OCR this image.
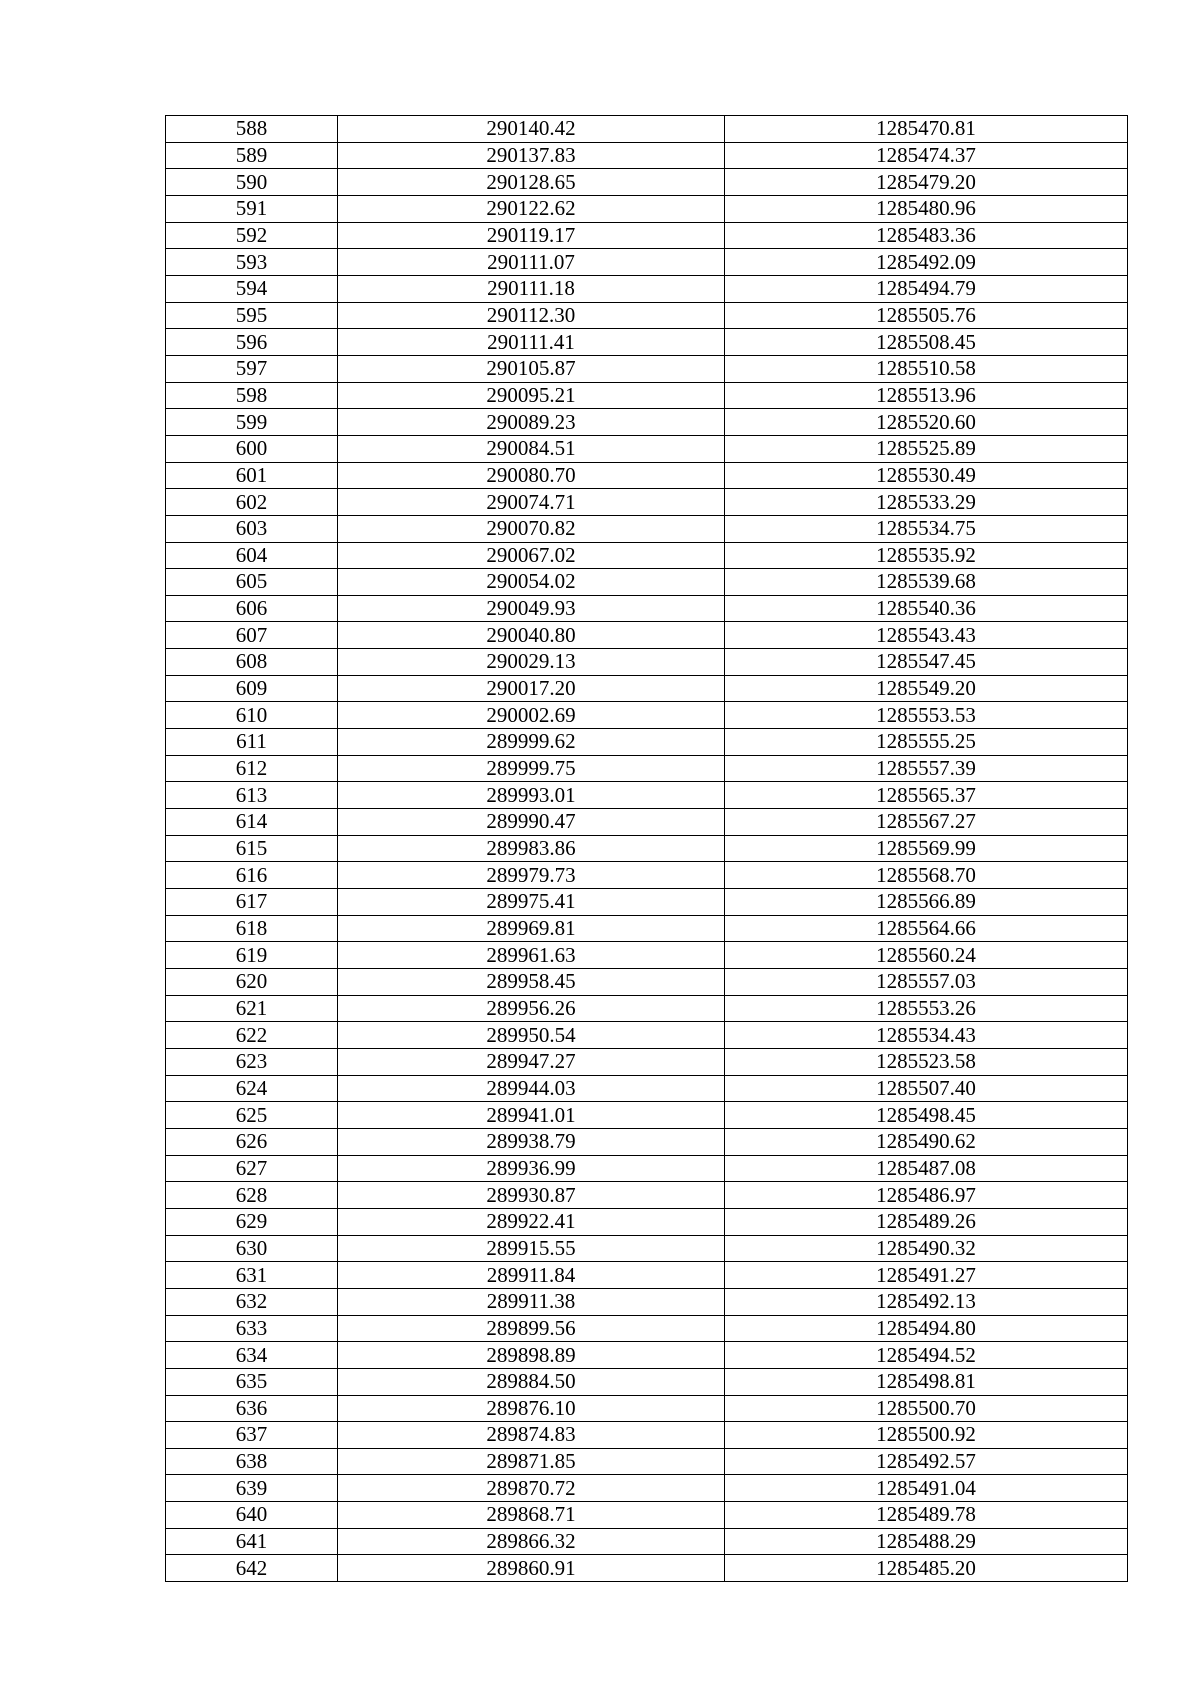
588	290140.42	1285470.81
589	290137.83	1285474.37
590	290128.65	1285479.20
591	290122.62	1285480.96
592	290119.17	1285483.36
593	290111.07	1285492.09
594	290111.18	1285494.79
595	290112.30	1285505.76
596	290111.41	1285508.45
597	290105.87	1285510.58
598	290095.21	1285513.96
599	290089.23	1285520.60
600	290084.51	1285525.89
601	290080.70	1285530.49
602	290074.71	1285533.29
603	290070.82	1285534.75
604	290067.02	1285535.92
605	290054.02	1285539.68
606	290049.93	1285540.36
607	290040.80	1285543.43
608	290029.13	1285547.45
609	290017.20	1285549.20
610	290002.69	1285553.53
611	289999.62	1285555.25
612	289999.75	1285557.39
613	289993.01	1285565.37
614	289990.47	1285567.27
615	289983.86	1285569.99
616	289979.73	1285568.70
617	289975.41	1285566.89
618	289969.81	1285564.66
619	289961.63	1285560.24
620	289958.45	1285557.03
621	289956.26	1285553.26
622	289950.54	1285534.43
623	289947.27	1285523.58
624	289944.03	1285507.40
625	289941.01	1285498.45
626	289938.79	1285490.62
627	289936.99	1285487.08
628	289930.87	1285486.97
629	289922.41	1285489.26
630	289915.55	1285490.32
631	289911.84	1285491.27
632	289911.38	1285492.13
633	289899.56	1285494.80
634	289898.89	1285494.52
635	289884.50	1285498.81
636	289876.10	1285500.70
637	289874.83	1285500.92
638	289871.85	1285492.57
639	289870.72	1285491.04
640	289868.71	1285489.78
641	289866.32	1285488.29
642	289860.91	1285485.20
